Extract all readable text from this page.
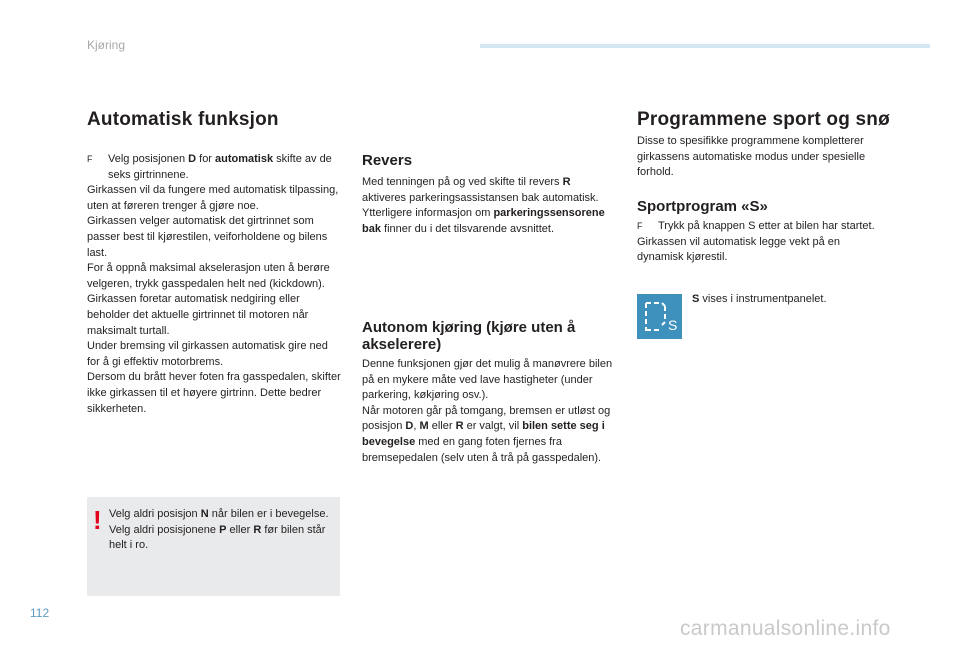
Kjøring
Automatisk funksjon
F Velg posisjonen D for automatisk skifte av de seks girtrinnene.

Girkassen vil da fungere med automatisk tilpassing, uten at føreren trenger å gjøre noe.

Girkassen velger automatisk det girtrinnet som passer best til kjørestilen, veiforholdene og bilens last.

For å oppnå maksimal akselerasjon uten å berøre velgeren, trykk gasspedalen helt ned (kickdown). Girkassen foretar automatisk nedgiring eller beholder det aktuelle girtrinnet til motoren når maksimalt turtall.

Under bremsing vil girkassen automatisk gire ned for å gi effektiv motorbrems.

Dersom du brått hever foten fra gasspedalen, skifter ikke girkassen til et høyere girtrinn. Dette bedrer sikkerheten.

! Velg aldri posisjon N når bilen er i bevegelse.

Velg aldri posisjonene P eller R før bilen står helt i ro.

Revers

Med tenningen på og ved skifte til revers R aktiveres parkeringsassistansen bak automatisk.

Ytterligere informasjon om parkeringssensorene bak finner du i det tilsvarende avsnittet.

Autonom kjøring (kjøre uten å akselerere)

Denne funksjonen gjør det mulig å manøvrere bilen på en mykere måte ved lave hastigheter (under parkering, køkjøring osv.).

Når motoren går på tomgang, bremsen er utløst og posisjon D, M eller R er valgt, vil bilen sette seg i bevegelse med en gang foten fjernes fra bremsepedalen (selv uten å trå på gasspedalen).

Programmene sport og snø

Disse to spesifikke programmene kompletterer girkassens automatiske modus under spesielle forhold.

Sportprogram «S»
F Trykk på knappen S etter at bilen har startet.

Girkassen vil automatisk legge vekt på en dynamisk kjørestil.

S

S vises i instrumentpanelet.

112
carmanualsonline.info
